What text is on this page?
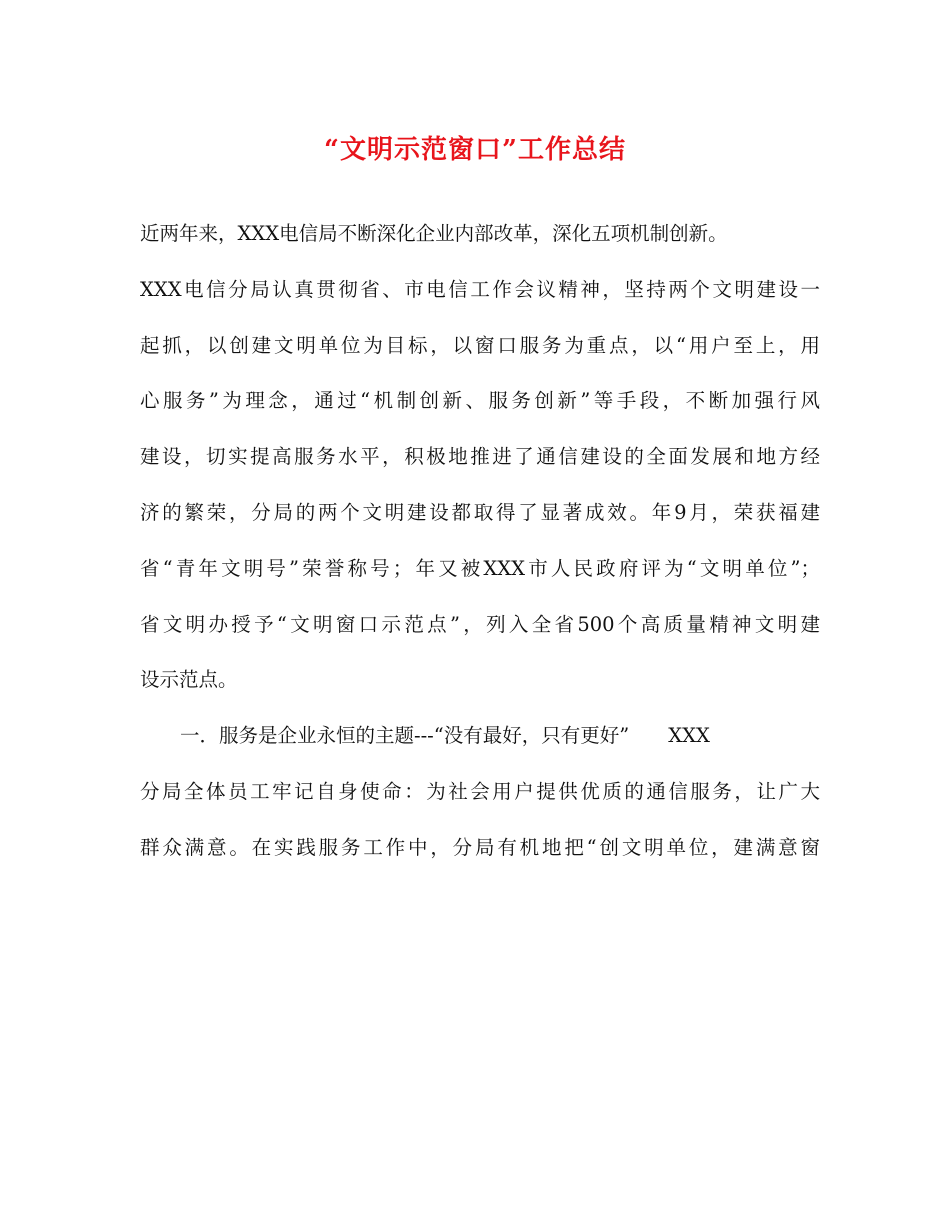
“文明示范窗口”工作总结
近两年来，XXX电信局不断深化企业内部改革，深化五项机制创新。
XXX电信分局认真贯彻省、市电信工作会议精神，坚持两个文明建设一
起抓，以创建文明单位为目标，以窗口服务为重点，以“用户至上，用
心服务”为理念，通过“机制创新、服务创新”等手段，不断加强行风
建设，切实提高服务水平，积极地推进了通信建设的全面发展和地方经
济的繁荣，分局的两个文明建设都取得了显著成效。年9月，荣获福建
省“青年文明号”荣誉称号；年又被XXX市人民政府评为“文明单位”；
省文明办授予“文明窗口示范点”，列入全省500个高质量精神文明建
设示范点。
一．服务是企业永恒的主题---“没有最好，只有更好”　　XXX
分局全体员工牢记自身使命：为社会用户提供优质的通信服务，让广大
群众满意。在实践服务工作中，分局有机地把“创文明单位，建满意窗
